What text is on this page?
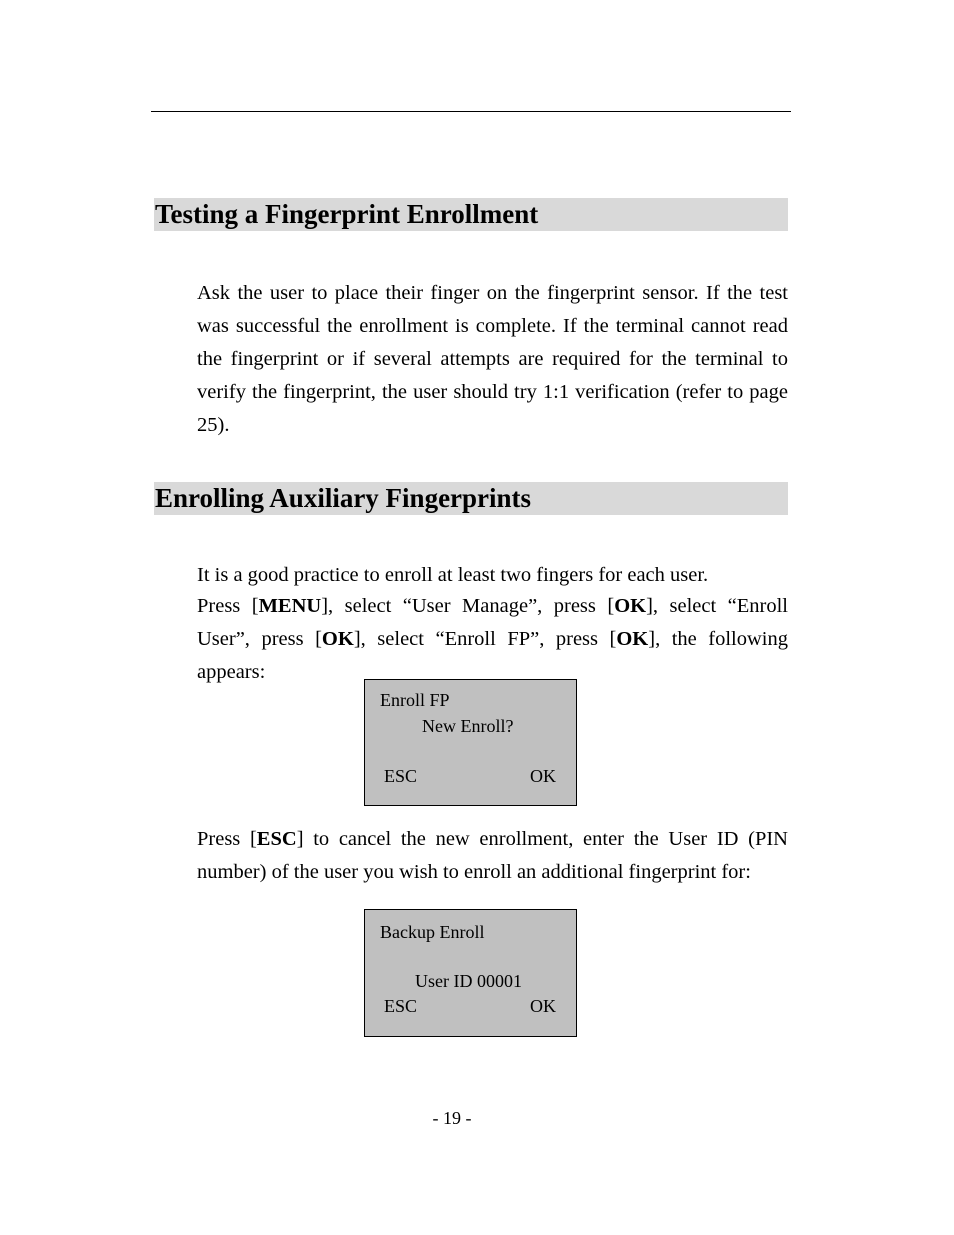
Testing a Fingerprint Enrollment

Ask the user to place their finger on the fingerprint sensor. If the test was successful the enrollment is complete. If the terminal cannot read the fingerprint or if several attempts are required for the terminal to verify the fingerprint, the user should try 1:1 verification (refer to page 25).

Enrolling Auxiliary Fingerprints

It is a good practice to enroll at least two fingers for each user.

Press [MENU], select “User Manage”, press [OK], select “Enroll User”, press [OK], select “Enroll FP”, press [OK], the following appears:

Enroll FP
New Enroll?
ESC	OK

Press [ESC] to cancel the new enrollment, enter the User ID (PIN number) of the user you wish to enroll an additional fingerprint for:

Backup Enroll
User ID 00001
ESC	OK
- 19 -
